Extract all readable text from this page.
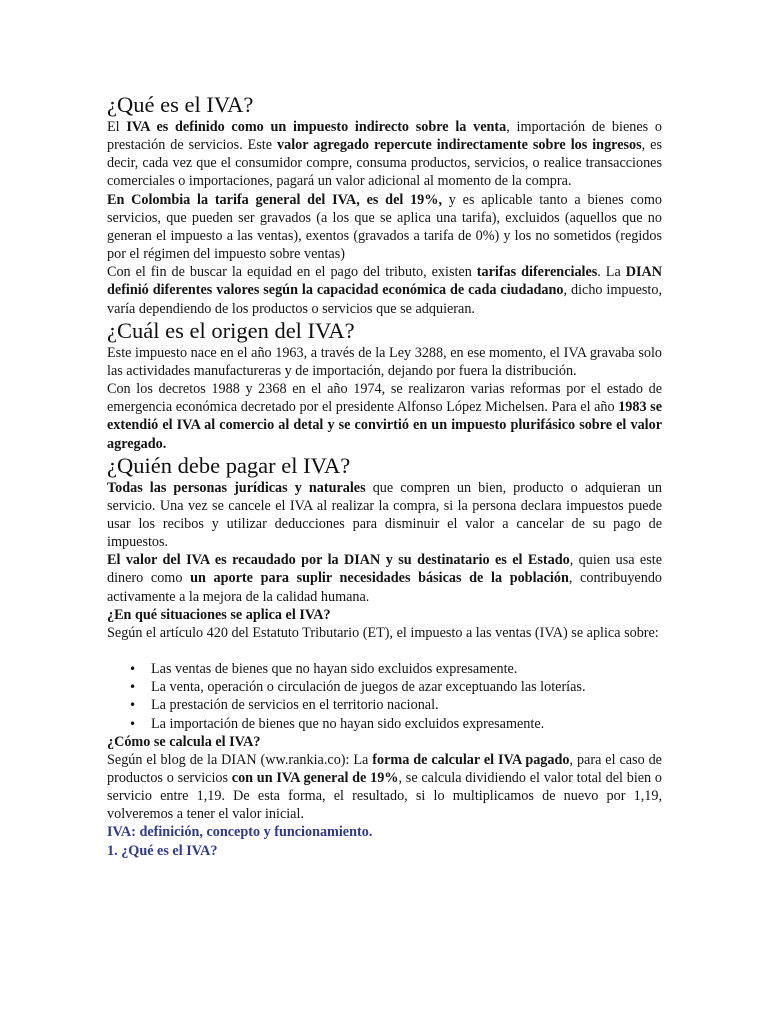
¿Qué es el IVA?

El IVA es definido como un impuesto indirecto sobre la venta, importación de bienes o prestación de servicios. Este valor agregado repercute indirectamente sobre los ingresos, es decir, cada vez que el consumidor compre, consuma productos, servicios, o realice transacciones comerciales o importaciones, pagará un valor adicional al momento de la compra.

En Colombia la tarifa general del IVA, es del 19%, y es aplicable tanto a bienes como servicios, que pueden ser gravados (a los que se aplica una tarifa), excluidos (aquellos que no generan el impuesto a las ventas), exentos (gravados a tarifa de 0%) y los no sometidos (regidos por el régimen del impuesto sobre ventas)

Con el fin de buscar la equidad en el pago del tributo, existen tarifas diferenciales. La DIAN definió diferentes valores según la capacidad económica de cada ciudadano, dicho impuesto, varía dependiendo de los productos o servicios que se adquieran.

¿Cuál es el origen del IVA?

Este impuesto nace en el año 1963, a través de la Ley 3288, en ese momento, el IVA gravaba solo las actividades manufactureras y de importación, dejando por fuera la distribución.

Con los decretos 1988 y 2368 en el año 1974, se realizaron varias reformas por el estado de emergencia económica decretado por el presidente Alfonso López Michelsen. Para el año 1983 se extendió el IVA al comercio al detal y se convirtió en un impuesto plurifásico sobre el valor agregado.

¿Quién debe pagar el IVA?

Todas las personas jurídicas y naturales que compren un bien, producto o adquieran un servicio. Una vez se cancele el IVA al realizar la compra, si la persona declara impuestos puede usar los recibos y utilizar deducciones para disminuir el valor a cancelar de su pago de impuestos.

El valor del IVA es recaudado por la DIAN y su destinatario es el Estado, quien usa este dinero como un aporte para suplir necesidades básicas de la población, contribuyendo activamente a la mejora de la calidad humana.

¿En qué situaciones se aplica el IVA?

Según el artículo 420 del Estatuto Tributario (ET), el impuesto a las ventas (IVA) se aplica sobre:

• Las ventas de bienes que no hayan sido excluidos expresamente.
• La venta, operación o circulación de juegos de azar exceptuando las loterías.
• La prestación de servicios en el territorio nacional.
• La importación de bienes que no hayan sido excluidos expresamente.
¿Cómo se calcula el IVA?

Según el blog de la DIAN (ww.rankia.co): La forma de calcular el IVA pagado, para el caso de productos o servicios con un IVA general de 19%, se calcula dividiendo el valor total del bien o servicio entre 1,19. De esta forma, el resultado, si lo multiplicamos de nuevo por 1,19, volveremos a tener el valor inicial.

IVA: definición, concepto y funcionamiento.
1. ¿Qué es el IVA?
